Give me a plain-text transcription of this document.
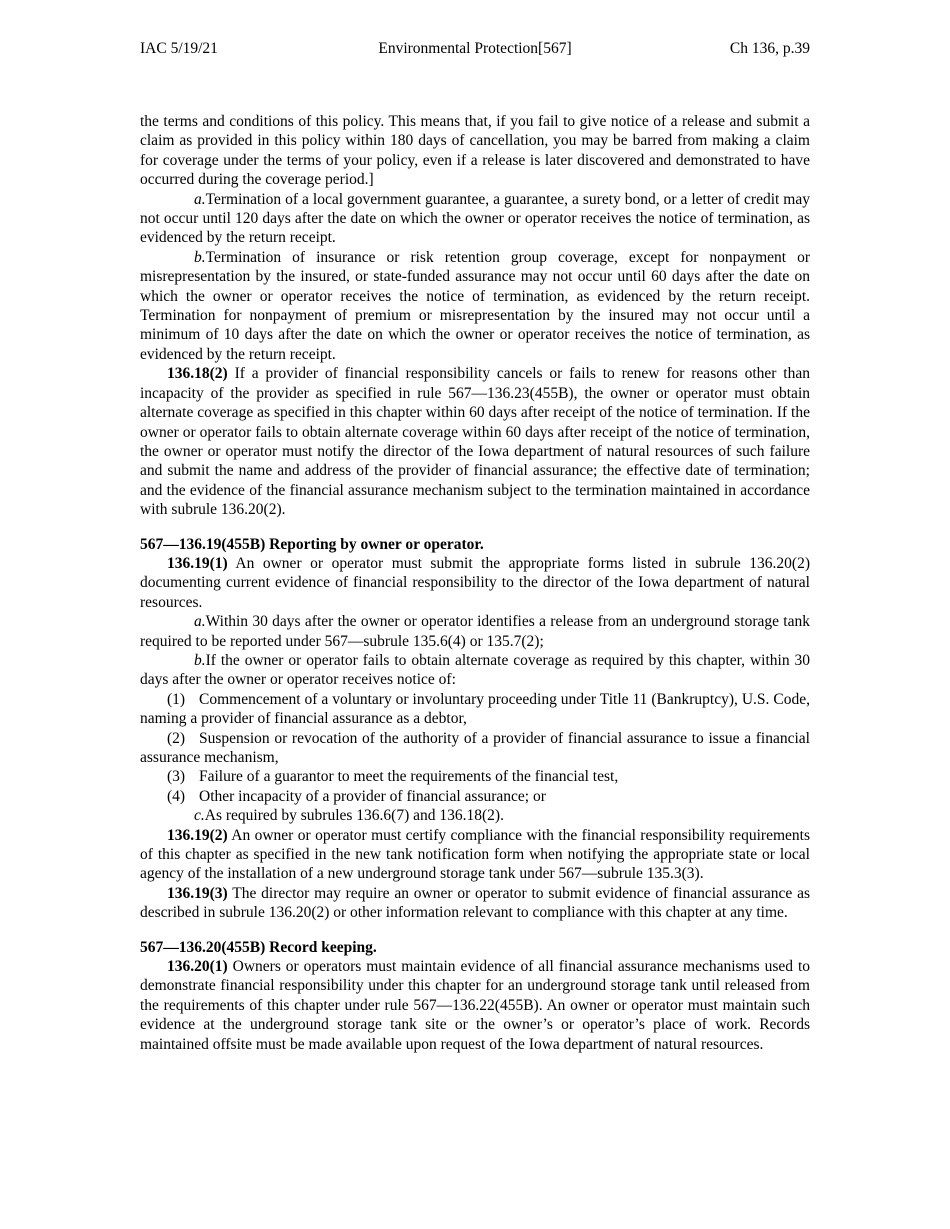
IAC 5/19/21	Environmental Protection[567]	Ch 136, p.39

the terms and conditions of this policy. This means that, if you fail to give notice of a release and submit a claim as provided in this policy within 180 days of cancellation, you may be barred from making a claim for coverage under the terms of your policy, even if a release is later discovered and demonstrated to have occurred during the coverage period.]

a.Termination of a local government guarantee, a guarantee, a surety bond, or a letter of credit may not occur until 120 days after the date on which the owner or operator receives the notice of termination, as evidenced by the return receipt.

b.Termination of insurance or risk retention group coverage, except for nonpayment or misrepresentation by the insured, or state-funded assurance may not occur until 60 days after the date on which the owner or operator receives the notice of termination, as evidenced by the return receipt. Termination for nonpayment of premium or misrepresentation by the insured may not occur until a minimum of 10 days after the date on which the owner or operator receives the notice of termination, as evidenced by the return receipt.

136.18(2) If a provider of financial responsibility cancels or fails to renew for reasons other than incapacity of the provider as specified in rule 567—136.23(455B), the owner or operator must obtain alternate coverage as specified in this chapter within 60 days after receipt of the notice of termination. If the owner or operator fails to obtain alternate coverage within 60 days after receipt of the notice of termination, the owner or operator must notify the director of the Iowa department of natural resources of such failure and submit the name and address of the provider of financial assurance; the effective date of termination; and the evidence of the financial assurance mechanism subject to the termination maintained in accordance with subrule 136.20(2).

567—136.19(455B) Reporting by owner or operator.

136.19(1) An owner or operator must submit the appropriate forms listed in subrule 136.20(2) documenting current evidence of financial responsibility to the director of the Iowa department of natural resources.

a.Within 30 days after the owner or operator identifies a release from an underground storage tank required to be reported under 567—subrule 135.6(4) or 135.7(2);

b.If the owner or operator fails to obtain alternate coverage as required by this chapter, within 30 days after the owner or operator receives notice of:

(1) Commencement of a voluntary or involuntary proceeding under Title 11 (Bankruptcy), U.S. Code, naming a provider of financial assurance as a debtor,

(2) Suspension or revocation of the authority of a provider of financial assurance to issue a financial assurance mechanism,

(3) Failure of a guarantor to meet the requirements of the financial test,

(4) Other incapacity of a provider of financial assurance; or

c.As required by subrules 136.6(7) and 136.18(2).

136.19(2) An owner or operator must certify compliance with the financial responsibility requirements of this chapter as specified in the new tank notification form when notifying the appropriate state or local agency of the installation of a new underground storage tank under 567—subrule 135.3(3).

136.19(3) The director may require an owner or operator to submit evidence of financial assurance as described in subrule 136.20(2) or other information relevant to compliance with this chapter at any time.

567—136.20(455B) Record keeping.

136.20(1) Owners or operators must maintain evidence of all financial assurance mechanisms used to demonstrate financial responsibility under this chapter for an underground storage tank until released from the requirements of this chapter under rule 567—136.22(455B). An owner or operator must maintain such evidence at the underground storage tank site or the owner’s or operator’s place of work. Records maintained offsite must be made available upon request of the Iowa department of natural resources.
